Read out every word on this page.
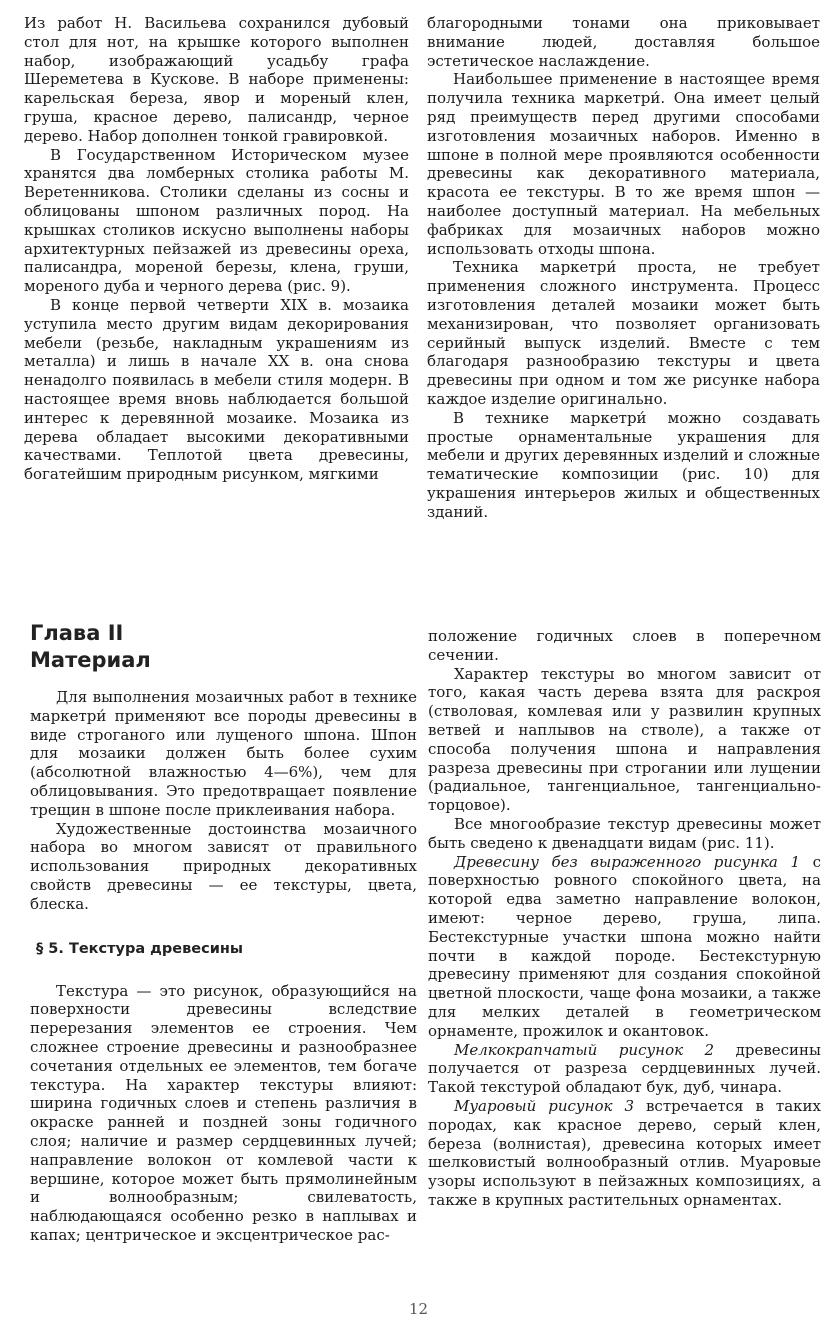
Из работ Н. Васильева сохранился дубовый стол для нот, на крышке которого выполнен набор, изображающий усадьбу графа Шереметева в Кускове. В наборе применены: карельская береза, явор и мореный клен, груша, красное дерево, палисандр, черное дерево. Набор дополнен тонкой гравировкой.

В Государственном Историческом музее хранятся два ломберных столика работы М. Веретенникова. Столики сделаны из сосны и облицованы шпоном различных пород. На крышках столиков искусно выполнены наборы архитектурных пейзажей из древесины ореха, палисандра, мореной березы, клена, груши, мореного дуба и черного дерева (рис. 9).

В конце первой четверти XIX в. мозаика уступила место другим видам декорирования мебели (резьбе, накладным украшениям из металла) и лишь в начале XX в. она снова ненадолго появилась в мебели стиля модерн. В настоящее время вновь наблюдается большой интерес к деревянной мозаике. Мозаика из дерева обладает высокими декоративными качествами. Теплотой цвета древесины, богатейшим природным рисунком, мягкими

благородными тонами она приковывает внимание людей, доставляя большое эстетическое наслаждение.

Наибольшее применение в настоящее время получила техника маркетри́. Она имеет целый ряд преимуществ перед другими способами изготовления мозаичных наборов. Именно в шпоне в полной мере проявляются особенности древесины как декоративного материала, красота ее текстуры. В то же время шпон — наиболее доступный материал. На мебельных фабриках для мозаичных наборов можно использовать отходы шпона.

Техника маркетри́ проста, не требует применения сложного инструмента. Процесс изготовления деталей мозаики может быть механизирован, что позволяет организовать серийный выпуск изделий. Вместе с тем благодаря разнообразию текстуры и цвета древесины при одном и том же рисунке набора каждое изделие оригинально.

В технике маркетри́ можно создавать простые орнаментальные украшения для мебели и других деревянных изделий и сложные тематические композиции (рис. 10) для украшения интерьеров жилых и общественных зданий.

Глава II
Материал

Для выполнения мозаичных работ в технике маркетри́ применяют все породы древесины в виде строганого или лущеного шпона. Шпон для мозаики должен быть более сухим (абсолютной влажностью 4—6%), чем для облицовывания. Это предотвращает появление трещин в шпоне после приклеивания набора.

Художественные достоинства мозаичного набора во многом зависят от правильного использования природных декоративных свойств древесины — ее текстуры, цвета, блеска.

§ 5. Текстура древесины

Текстура — это рисунок, образующийся на поверхности древесины вследствие перерезания элементов ее строения. Чем сложнее строение древесины и разнообразнее сочетания отдельных ее элементов, тем богаче текстура. На характер текстуры влияют: ширина годичных слоев и степень различия в окраске ранней и поздней зоны годичного слоя; наличие и размер сердцевинных лучей; направление волокон от комлевой части к вершине, которое может быть прямолинейным и волнообразным; свилеватость, наблюдающаяся особенно резко в наплывах и капах; центрическое и эксцентрическое рас-

положение годичных слоев в поперечном сечении.

Характер текстуры во многом зависит от того, какая часть дерева взята для раскроя (стволовая, комлевая или у развилин крупных ветвей и наплывов на стволе), а также от способа получения шпона и направления разреза древесины при строгании или лущении (радиальное, тангенциальное, тангенциально-торцовое).

Все многообразие текстур древесины может быть сведено к двенадцати видам (рис. 11).

Древесину без выраженного рисунка 1 с поверхностью ровного спокойного цвета, на которой едва заметно направление волокон, имеют: черное дерево, груша, липа. Бестекстурные участки шпона можно найти почти в каждой породе. Бестекстурную древесину применяют для создания спокойной цветной плоскости, чаще фона мозаики, а также для мелких деталей в геометрическом орнаменте, прожилок и окантовок.

Мелкокрапчатый рисунок 2 древесины получается от разреза сердцевинных лучей. Такой текстурой обладают бук, дуб, чинара.

Муаровый рисунок 3 встречается в таких породах, как красное дерево, серый клен, береза (волнистая), древесина которых имеет шелковистый волнообразный отлив. Муаровые узоры используют в пейзажных композициях, а также в крупных растительных орнаментах.

12
